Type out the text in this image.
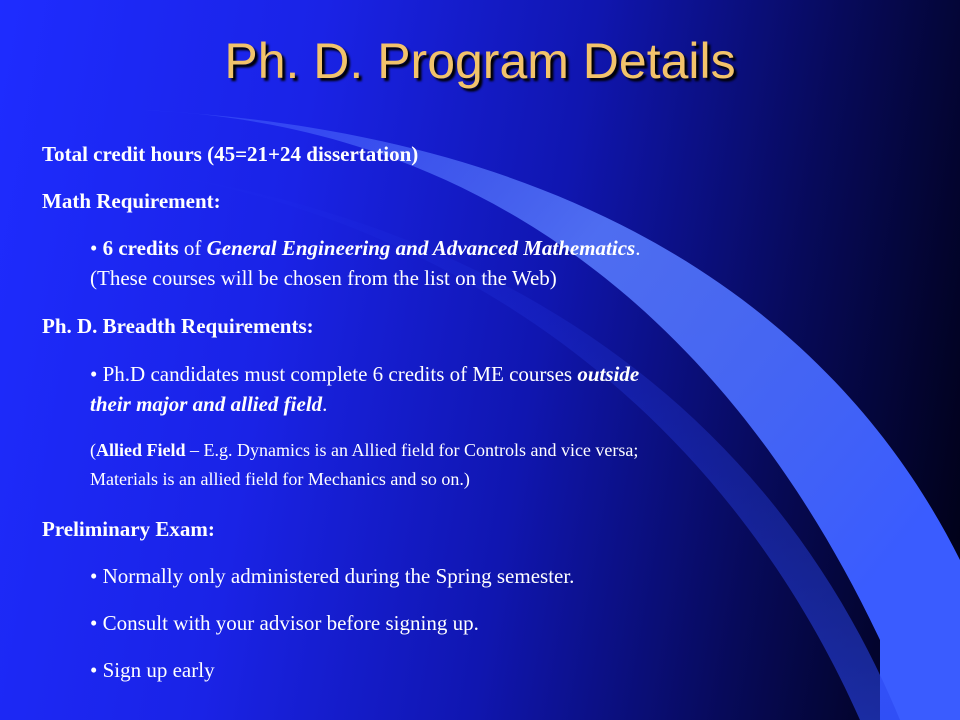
Ph. D. Program Details
Total credit hours (45=21+24 dissertation)
Math Requirement:
• 6 credits of General Engineering and Advanced Mathematics.
(These courses will be chosen from the list on the Web)
Ph. D. Breadth Requirements:
• Ph.D candidates must complete 6 credits of ME courses outside
their major and allied field.
(Allied Field – E.g. Dynamics is an Allied field for Controls and vice versa;
Materials is an allied field for Mechanics and so on.)
Preliminary Exam:
• Normally only administered during the Spring semester.
• Consult with your advisor before signing up.
• Sign up early
